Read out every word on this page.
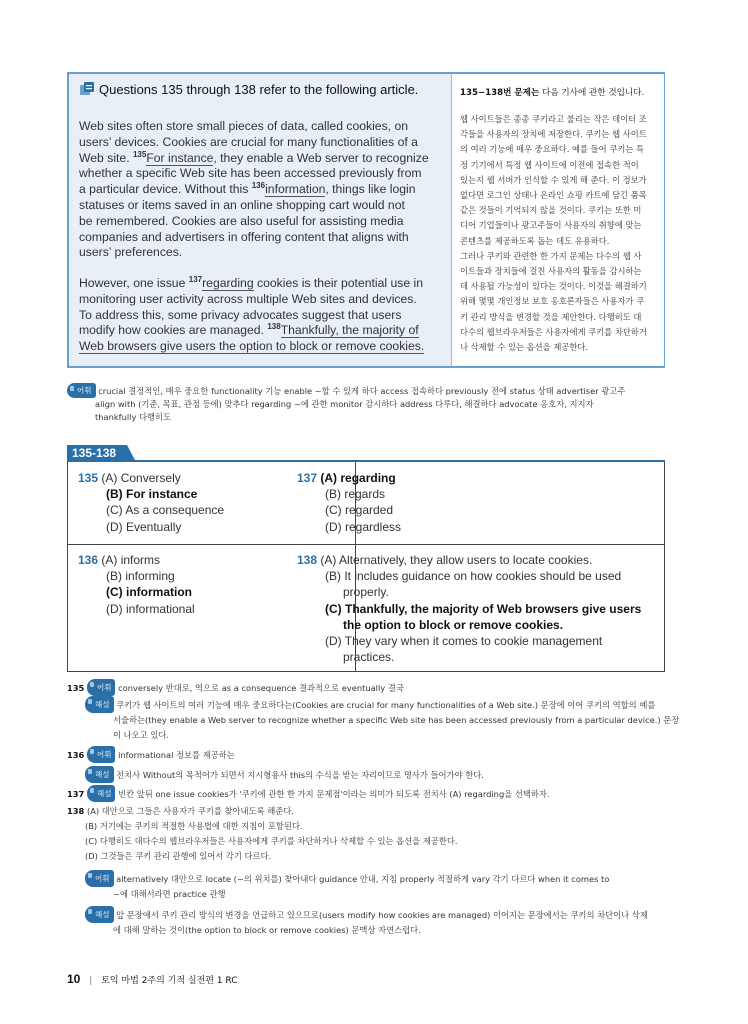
Questions 135 through 138 refer to the following article.
Web sites often store small pieces of data, called cookies, on
users’ devices. Cookies are crucial for many functionalities of a
Web site. $^{135}$For instance, they enable a Web server to recognize
whether a specific Web site has been accessed previously from
a particular device. Without this $^{136}$information, things like login
statuses or items saved in an online shopping cart would not
be remembered. Cookies are also useful for assisting media
companies and advertisers in offering content that aligns with
users’ preferences.
However, one issue $^{137}$regarding cookies is their potential use in
monitoring user activity across multiple Web sites and devices.
To address this, some privacy advocates suggest that users
modify how cookies are managed. $^{138}$Thankfully, the majority of
Web browsers give users the option to block or remove cookies.
135−138번 문제는 다음 기사에 관한 것입니다.
웹 사이트들은 종종 쿠키라고 불리는 작은 데이터 조
각들을 사용자의 장치에 저장한다. 쿠키는 웹 사이트
의 여러 기능에 매우 중요하다. 예를 들어 쿠키는 특
정 기기에서 특정 웹 사이트에 이전에 접속한 적이
있는지 웹 서버가 인식할 수 있게 해 준다. 이 정보가
없다면 로그인 상태나 온라인 쇼핑 카트에 담긴 품목
같은 것들이 기억되지 않을 것이다. 쿠키는 또한 미
디어 기업들이나 광고주들이 사용자의 취향에 맞는
콘텐츠를 제공하도록 돕는 데도 유용하다.
그러나 쿠키와 관련한 한 가지 문제는 다수의 웹 사
이트들과 장치들에 걸친 사용자의 활동을 감시하는
데 사용될 가능성이 있다는 것이다. 이것을 해결하기
위해 몇몇 개인정보 보호 옹호론자들은 사용자가 쿠
키 관리 방식을 변경할 것을 제안한다. 다행히도 대
다수의 웹브라우저들은 사용자에게 쿠키를 차단하거
나 삭제할 수 있는 옵션을 제공한다.
어휘 crucial 결정적인, 매우 중요한 functionality 기능 enable ~할 수 있게 하다 access 접속하다 previously 전에 status 상태 advertiser 광고주
align with (기준, 목표, 관점 등에) 맞추다 regarding ~에 관한 monitor 감시하다 address 다루다, 해결하다 advocate 옹호자, 지지자
thankfully 다행히도
135-138
135 (A) Conversely
(B) For instance
(C) As a consequence
(D) Eventually
137 (A) regarding
(B) regards
(C) regarded
(D) regardless
136 (A) informs
(B) informing
(C) information
(D) informational
138 (A) Alternatively, they allow users to locate cookies.
(B) It includes guidance on how cookies should be used
properly.
(C) Thankfully, the majority of Web browsers give users
the option to block or remove cookies.
(D) They vary when it comes to cookie management
practices.
135 어휘 conversely 반대로, 역으로 as a consequence 결과적으로 eventually 결국
해설 쿠키가 웹 사이트의 여러 기능에 매우 중요하다는(Cookies are crucial for many functionalities of a Web site.) 문장에 이어 쿠키의 역할의 예를
서술하는(they enable a Web server to recognize whether a specific Web site has been accessed previously from a particular device.) 문장
이 나오고 있다.
136 어휘 informational 정보를 제공하는
해설 전치사 Without의 목적어가 되면서 지시형용사 this의 수식을 받는 자리이므로 명사가 들어가야 한다.
137 해설 빈칸 앞뒤 one issue cookies가 '쿠키에 관한 한 가지 문제점'이라는 의미가 되도록 전치사 (A) regarding을 선택하자.
138 (A) 대안으로 그들은 사용자가 쿠키를 찾아내도록 해준다.
(B) 거기에는 쿠키의 적절한 사용법에 대한 지침이 포함된다.
(C) 다행히도 대다수의 웹브라우저들은 사용자에게 쿠키를 차단하거나 삭제할 수 있는 옵션을 제공한다.
(D) 그것들은 쿠키 관리 관행에 있어서 각기 다르다.
어휘 alternatively 대안으로 locate (~의 위치를) 찾아내다 guidance 안내, 지침 properly 적절하게 vary 각기 다르다 when it comes to
~에 대해서라면 practice 관행
해설 앞 문장에서 쿠키 관리 방식의 변경을 언급하고 있으므로(users modify how cookies are managed) 이어지는 문장에서는 쿠키의 차단이나 삭제
에 대해 말하는 것이(the option to block or remove cookies) 문맥상 자연스럽다.
10 | 토익 마법 2주의 기적 실전편 1 RC
